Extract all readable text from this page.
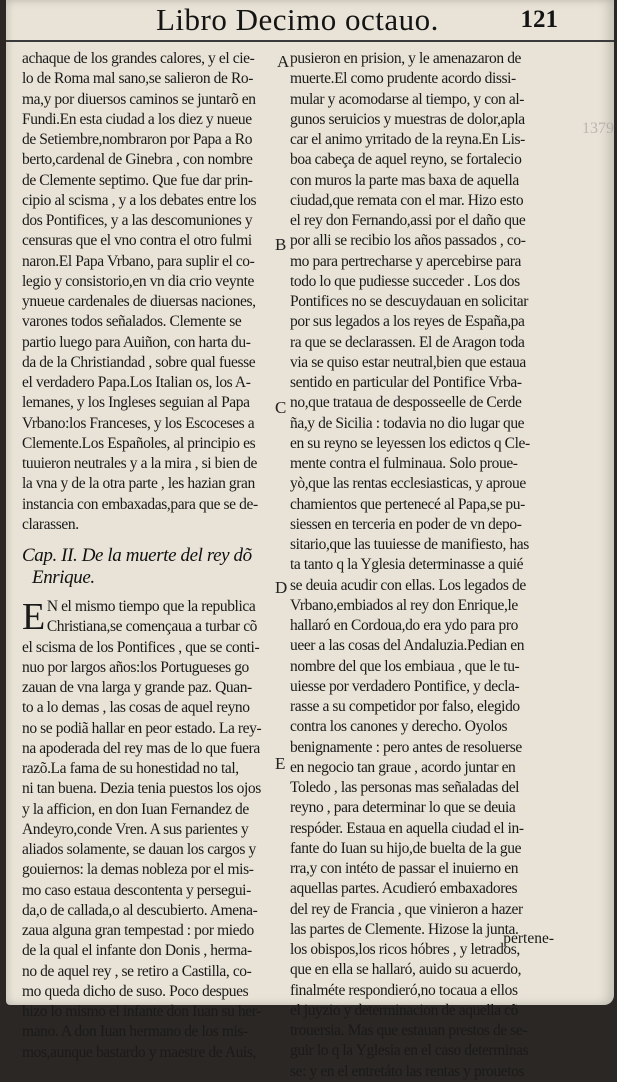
Libro Decimo octauo.	121
1379
achaque de los grandes calores, y el cie-
lo de Roma mal sano,se salieron de Ro-
ma,y por diuersos caminos se juntarõ en
Fundi.En esta ciudad a los diez y nueue
de Setiembre,nombraron por Papa a Ro
berto,cardenal de Ginebra , con nombre
de Clemente septimo. Que fue dar prin-
cipio al scisma , y a los debates entre los
dos Pontifices, y a las descomuniones y
censuras que el vno contra el otro fulmi
naron.El Papa Vrbano, para suplir el co-
legio y consistorio,en vn dia crio veynte
ynueue cardenales de diuersas naciones,
varones todos señalados. Clemente se
partio luego para Auiñon, con harta du-
da de la Christiandad , sobre qual fuesse
el verdadero Papa.Los Italian os, los A-
lemanes, y los Ingleses seguian al Papa
Vrbano:los Franceses, y los Escoceses a
Clemente.Los Españoles, al principio es
tuuieron neutrales y a la mira , si bien de
la vna y de la otra parte , les hazian gran
instancia con embaxadas,para que se de-
clarassen.
Cap. II. De la muerte del rey dõ
Enrique.
E N el mismo tiempo que la republica
Christiana,se començaua a turbar cõ
el scisma de los Pontifices , que se conti-
nuo por largos años:los Portugueses go
zauan de vna larga y grande paz. Quan-
to a lo demas , las cosas de aquel reyno
no se podiã hallar en peor estado. La rey-
na apoderada del rey mas de lo que fuera
razõ.La fama de su honestidad no tal,
ni tan buena. Dezia tenia puestos los ojos
y la afficion, en don Iuan Fernandez de
Andeyro,conde Vren. A sus parientes y
aliados solamente, se dauan los cargos y
gouiernos: la demas nobleza por el mis-
mo caso estaua descontenta y persegui-
da,o de callada,o al descubierto. Amena-
zaua alguna gran tempestad : por miedo
de la qual el infante don Donis , herma-
no de aquel rey , se retiro a Castilla, co-
mo queda dicho de suso. Poco despues
hizo lo mismo el infante don Iuan su her-
mano. A don Iuan hermano de los mis-
mos,aunque bastardo y maestre de Auis,
A
B
C
D
E
pusieron en prision, y le amenazaron de
muerte.El como prudente acordo dissi-
mular y acomodarse al tiempo, y con al-
gunos seruicios y muestras de dolor,apla
car el animo yrritado de la reyna.En Lis-
boa cabeça de aquel reyno, se fortalecio
con muros la parte mas baxa de aquella
ciudad,que remata con el mar. Hizo esto
el rey don Fernando,assi por el daño que
por alli se recibio los años passados , co-
mo para pertrecharse y apercebirse para
todo lo que pudiesse succeder . Los dos
Pontifices no se descuydauan en solicitar
por sus legados a los reyes de España,pa
ra que se declarassen. El de Aragon toda
via se quiso estar neutral,bien que estaua
sentido en particular del Pontifice Vrba-
no,que trataua de desposseelle de Cerde
ña,y de Sicilia : todavia no dio lugar que
en su reyno se leyessen los edictos q Cle-
mente contra el fulminaua. Solo proue-
yò,que las rentas ecclesiasticas, y aproue
chamientos que pertenecé al Papa,se pu-
siessen en terceria en poder de vn depo-
sitario,que las tuuiesse de manifiesto, has
ta tanto q la Yglesia determinasse a quié
se deuia acudir con ellas. Los legados de
Vrbano,embiados al rey don Enrique,le
hallaró en Cordoua,do era ydo para pro
ueer a las cosas del Andaluzia.Pedian en
nombre del que los embiaua , que le tu-
uiesse por verdadero Pontifice, y decla-
rasse a su competidor por falso, elegido
contra los canones y derecho. Oyolos
benignamente : pero antes de resoluerse
en negocio tan graue , acordo juntar en
Toledo , las personas mas señaladas del
reyno , para determinar lo que se deuia
respóder. Estaua en aquella ciudad el in-
fante do Iuan su hijo,de buelta de la gue
rra,y con intéto de passar el inuierno en
aquellas partes. Acudieró embaxadores
del rey de Francia , que vinieron a hazer
las partes de Clemente. Hizose la junta.
los obispos,los ricos hóbres , y letrados,
que en ella se hallaró, auido su acuerdo,
finalméte respondieró,no tocaua a ellos
el juyzio y determinacion de aquella cõ
trouersia. Mas que estauan prestos de se-
guir lo q la Yglesia en el caso determinas
se: y en el entretáto las rentas y prouetos
pertene-
